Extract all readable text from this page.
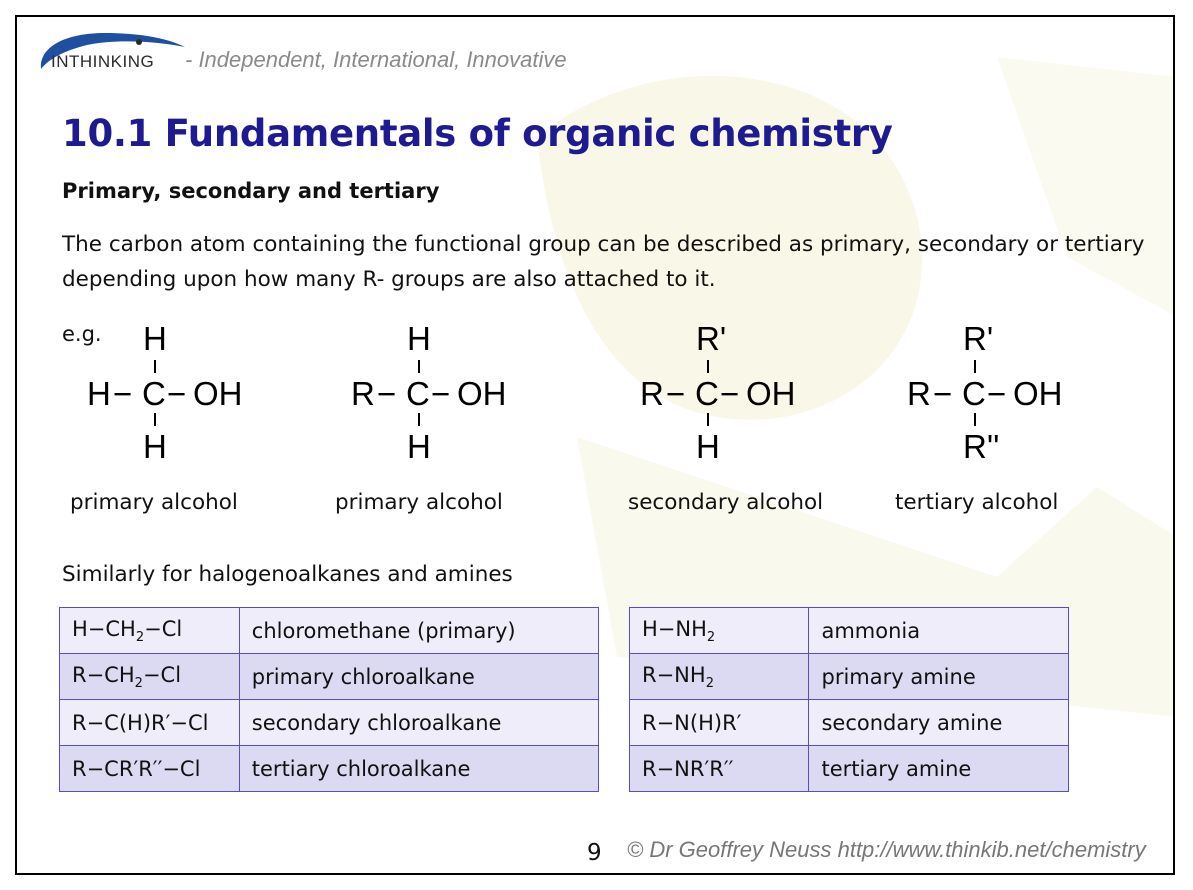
INTHINKING - Independent, International, Innovative
10.1 Fundamentals of organic chemistry
Primary, secondary and tertiary
The carbon atom containing the functional group can be described as primary, secondary or tertiary depending upon how many R- groups are also attached to it.
e.g. H
H − C − OH
H
primary alcohol
H
R − C − OH
H
primary alcohol
R'
R − C − OH
H
secondary alcohol
R'
R − C − OH
R''
tertiary alcohol
Similarly for halogenoalkanes and amines
$H-CH_2-Cl$	chloromethane (primary)
$R-CH_2-Cl$	primary chloroalkane
R−C(H)R′−Cl	secondary chloroalkane
R−CR′R′′−Cl	tertiary chloroalkane
$H-NH_2$	ammonia
$R-NH_2$	primary amine
R−N(H)R′	secondary amine
R−NR′R′′	tertiary amine
9 © Dr Geoffrey Neuss http://www.thinkib.net/chemistry
